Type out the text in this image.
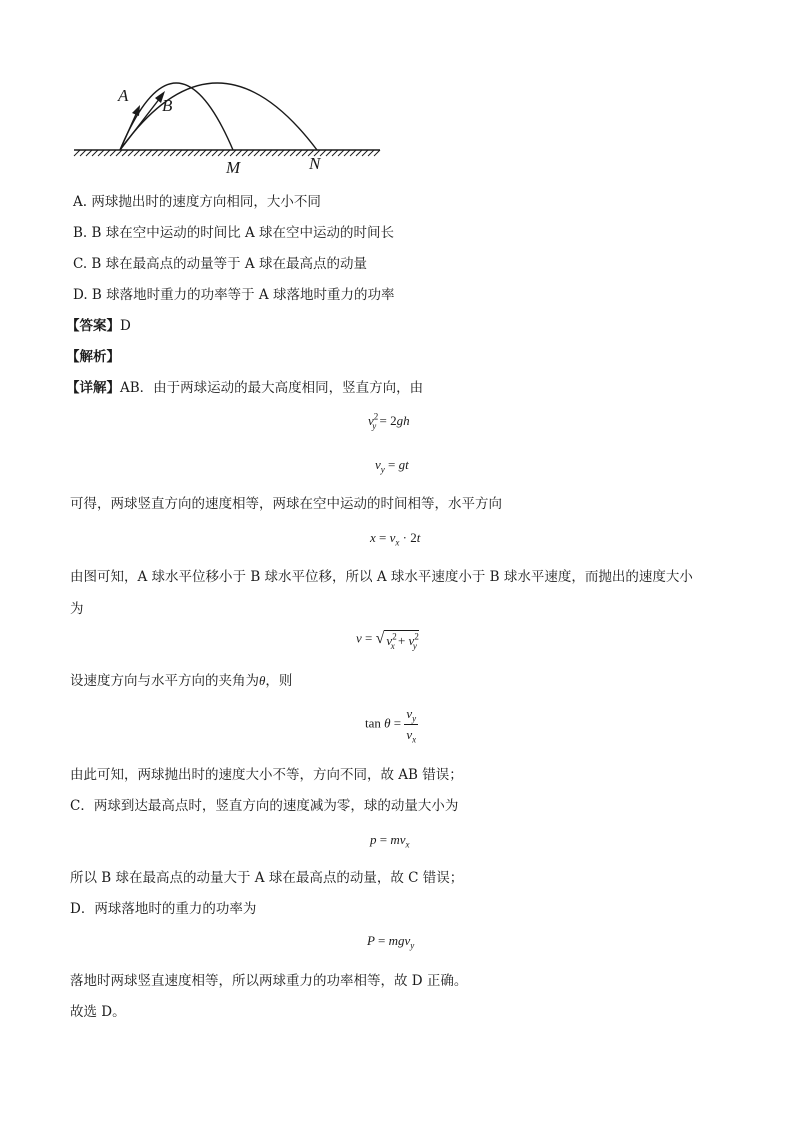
A
B
M	N
A. 两球抛出时的速度方向相同，大小不同
B. B 球在空中运动的时间比 A 球在空中运动的时间长
C. B 球在最高点的动量等于 A 球在最高点的动量
D. B 球落地时重力的功率等于 A 球落地时重力的功率
【答案】D
【解析】
【详解】AB．由于两球运动的最大高度相同，竖直方向，由
$v^2_y = 2gh$
$v_y$ = gt
可得，两球竖直方向的速度相等，两球在空中运动的时间相等，水平方向
$x = v_x \cdot 2t$
由图可知，A 球水平位移小于 B 球水平位移，所以 A 球水平速度小于 B 球水平速度，而抛出的速度大小
为
v = √ $v^2_x + v^2_y$
设速度方向与水平方向的夹角为θ，则
$\tan \theta = \frac{v_y}{v_x}$
由此可知，两球抛出时的速度大小不等，方向不同，故 AB 错误；
C．两球到达最高点时，竖直方向的速度减为零，球的动量大小为
$p = mv_x$
所以 B 球在最高点的动量大于 A 球在最高点的动量，故 C 错误；
D．两球落地时的重力的功率为
P = mgv$_y$
落地时两球竖直速度相等，所以两球重力的功率相等，故 D 正确。
故选 D。
